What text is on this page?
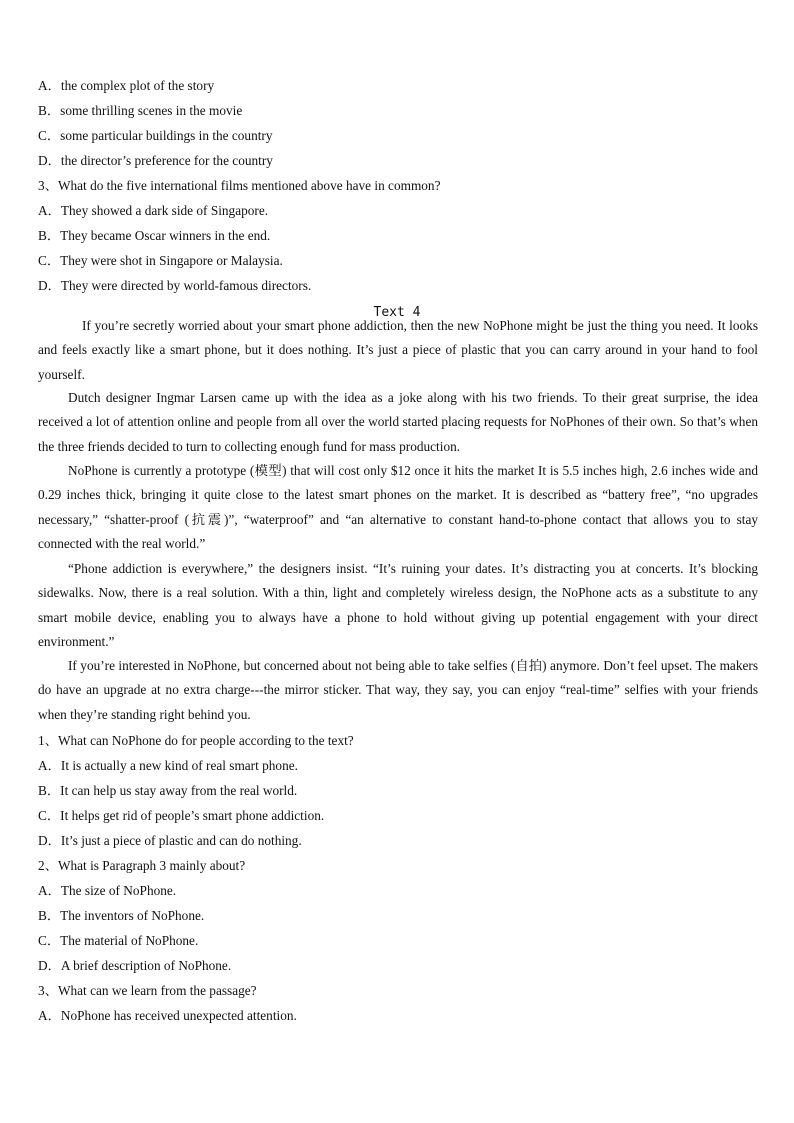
A．the complex plot of the story
B．some thrilling scenes in the movie
C．some particular buildings in the country
D．the director’s preference for the country
3、What do the five international films mentioned above have in common?
A．They showed a dark side of Singapore.
B．They became Oscar winners in the end.
C．They were shot in Singapore or Malaysia.
D．They were directed by world-famous directors.
Text 4
If you’re secretly worried about your smart phone addiction, then the new NoPhone might be just the thing you need. It looks and feels exactly like a smart phone, but it does nothing. It’s just a piece of plastic that you can carry around in your hand to fool yourself.
Dutch designer Ingmar Larsen came up with the idea as a joke along with his two friends. To their great surprise, the idea received a lot of attention online and people from all over the world started placing requests for NoPhones of their own. So that’s when the three friends decided to turn to collecting enough fund for mass production.
NoPhone is currently a prototype (模型) that will cost only $12 once it hits the market It is 5.5 inches high, 2.6 inches wide and 0.29 inches thick, bringing it quite close to the latest smart phones on the market. It is described as “battery free”, “no upgrades necessary,” “shatter-proof (抗震)”, “waterproof” and “an alternative to constant hand-to-phone contact that allows you to stay connected with the real world.”
“Phone addiction is everywhere,” the designers insist. “It’s ruining your dates. It’s distracting you at concerts. It’s blocking sidewalks. Now, there is a real solution. With a thin, light and completely wireless design, the NoPhone acts as a substitute to any smart mobile device, enabling you to always have a phone to hold without giving up potential engagement with your direct environment.”
If you’re interested in NoPhone, but concerned about not being able to take selfies (自拍) anymore. Don’t feel upset. The makers do have an upgrade at no extra charge---the mirror sticker. That way, they say, you can enjoy “real-time” selfies with your friends when they’re standing right behind you.
1、What can NoPhone do for people according to the text?
A．It is actually a new kind of real smart phone.
B．It can help us stay away from the real world.
C．It helps get rid of people’s smart phone addiction.
D．It’s just a piece of plastic and can do nothing.
2、What is Paragraph 3 mainly about?
A．The size of NoPhone.
B．The inventors of NoPhone.
C．The material of NoPhone.
D．A brief description of NoPhone.
3、What can we learn from the passage?
A．NoPhone has received unexpected attention.
